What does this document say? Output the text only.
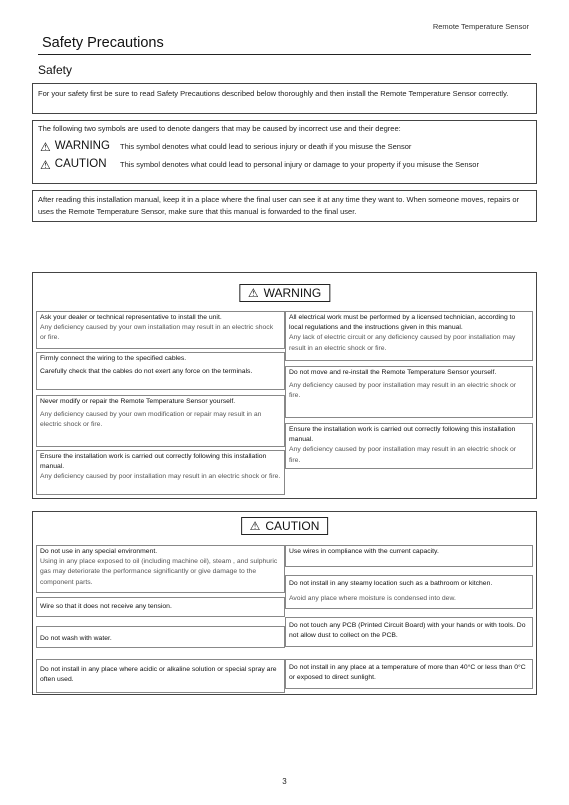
Remote Temperature Sensor
Safety Precautions
Safety
For your safety first be sure to read Safety Precautions described below thoroughly and then install the Remote Temperature Sensor correctly.
The following two symbols are used to denote dangers that may be caused by incorrect use and their degree:
⚠ WARNING This symbol denotes what could lead to serious injury or death if you misuse the Sensor
⚠ CAUTION This symbol denotes what could lead to personal injury or damage to your property if you misuse the Sensor
After reading this installation manual, keep it in a place where the final user can see it at any time they want to. When someone moves, repairs or uses the Remote Temperature Sensor, make sure that this manual is forwarded to the final user.
⚠ WARNING
Ask your dealer or technical representative to install the unit.
Any deficiency caused by your own installation may result in an electric shock or fire.
Firmly connect the wiring to the specified cables.
Carefully check that the cables do not exert any force on the terminals.
Never modify or repair the Remote Temperature Sensor yourself.
Any deficiency caused by your own modification or repair may result in an electric shock or fire.
Ensure the installation work is carried out correctly following this installation manual.
Any deficiency caused by poor installation may result in an electric shock or fire.
All electrical work must be performed by a licensed technician, according to local regulations and the instructions given in this manual.
Any lack of electric circuit or any deficiency caused by poor installation may result in an electric shock or fire.
Do not move and re-install the Remote Temperature Sensor yourself.
Any deficiency caused by poor installation may result in an electric shock or fire.
Ensure the installation work is carried out correctly following this installation manual.
Any deficiency caused by poor installation may result in an electric shock or fire.
⚠ CAUTION
Do not use in any special environment.
Using in any place exposed to oil (including machine oil), steam , and sulphuric gas may deteriorate the performance significantly or give damage to the component parts.
Wire so that it does not receive any tension.
Do not wash with water.
Do not install in any place where acidic or alkaline solution or special spray are often used.
Use wires in compliance with the current capacity.
Do not install in any steamy location such as a bathroom or kitchen.
Avoid any place where moisture is condensed into dew.
Do not touch any PCB (Printed Circuit Board) with your hands or with tools. Do not allow dust to collect on the PCB.
Do not install in any place at a temperature of more than 40°C or less than 0°C or exposed to direct sunlight.
3
